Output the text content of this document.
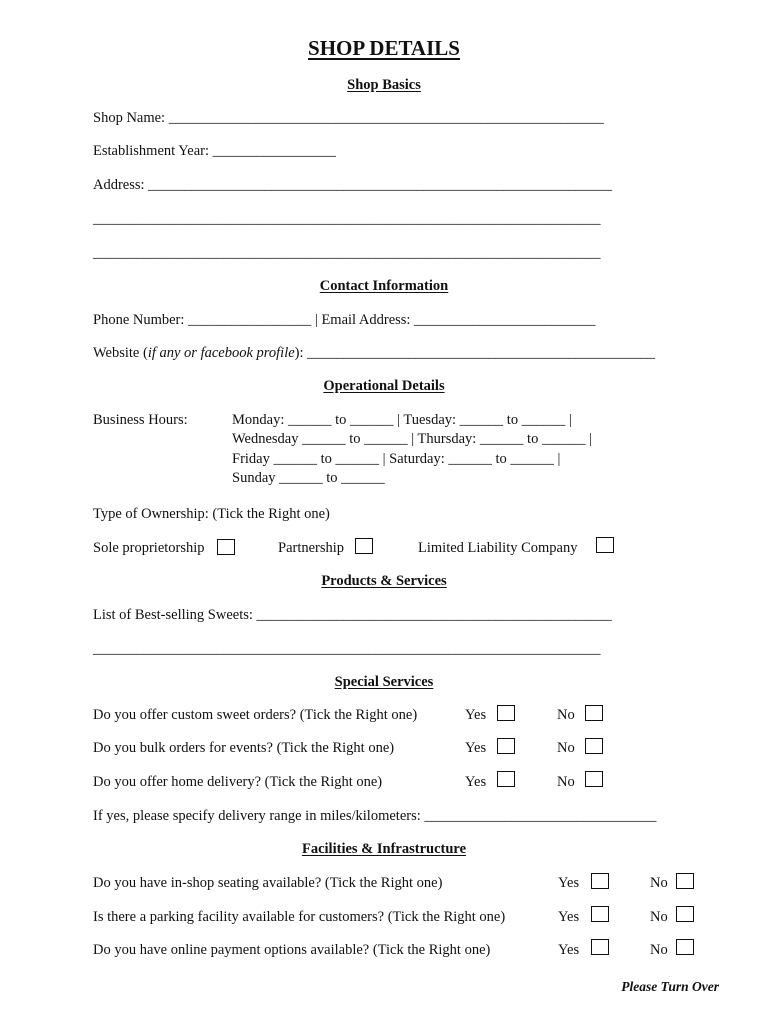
SHOP DETAILS
Shop Basics
Shop Name: ____________________________________________________________
Establishment Year: _________________
Address: ________________________________________________________________
______________________________________________________________________
______________________________________________________________________
Contact Information
Phone Number: _________________ | Email Address: _________________________
Website (if any or facebook profile): ________________________________________________
Operational Details
Business Hours:	Monday: ______ to ______ | Tuesday: ______ to ______ |
Wednesday ______ to ______ | Thursday: ______ to ______ |
Friday ______ to ______ | Saturday: ______ to ______ |
Sunday ______ to ______
Type of Ownership: (Tick the Right one)
Sole proprietorship	Partnership	Limited Liability Company
Products & Services
List of Best-selling Sweets: _________________________________________________
______________________________________________________________________
Special Services
Do you offer custom sweet orders? (Tick the Right one)	Yes	No
Do you bulk orders for events? (Tick the Right one)	Yes	No
Do you offer home delivery? (Tick the Right one)	Yes	No
If yes, please specify delivery range in miles/kilometers: ________________________________
Facilities & Infrastructure
Do you have in-shop seating available? (Tick the Right one)	Yes	No
Is there a parking facility available for customers? (Tick the Right one)	Yes	No
Do you have online payment options available? (Tick the Right one)	Yes	No
Please Turn Over
